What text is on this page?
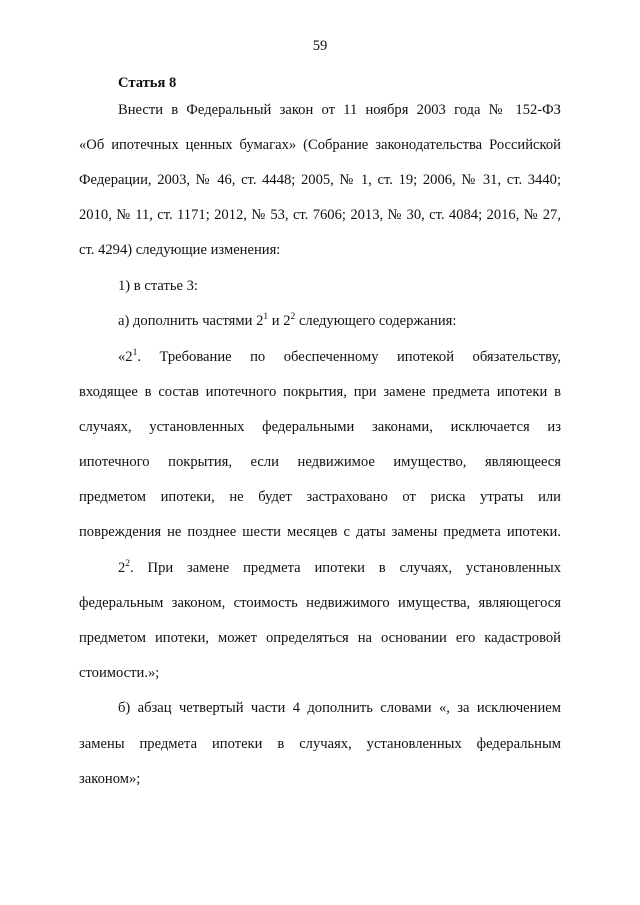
59
Статья 8
Внести в Федеральный закон от 11 ноября 2003 года № 152-ФЗ
«Об ипотечных ценных бумагах» (Собрание законодательства Российской
Федерации, 2003, № 46, ст. 4448; 2005, № 1, ст. 19; 2006, № 31, ст. 3440;
2010, № 11, ст. 1171; 2012, № 53, ст. 7606; 2013, № 30, ст. 4084; 2016, № 27,
ст. 4294) следующие изменения:
1) в статье 3:
а) дополнить частями $2^1$ и $2^2$ следующего содержания:
«$2^1$. Требование по обеспеченному ипотекой обязательству,
входящее в состав ипотечного покрытия, при замене предмета ипотеки в
случаях, установленных федеральными законами, исключается из
ипотечного покрытия, если недвижимое имущество, являющееся
предметом ипотеки, не будет застраховано от риска утраты или
повреждения не позднее шести месяцев с даты замены предмета ипотеки.
$2^2$. При замене предмета ипотеки в случаях, установленных
федеральным законом, стоимость недвижимого имущества, являющегося
предметом ипотеки, может определяться на основании его кадастровой
стоимости.»;
б) абзац четвертый части 4 дополнить словами «, за исключением
замены предмета ипотеки в случаях, установленных федеральным
законом»;
